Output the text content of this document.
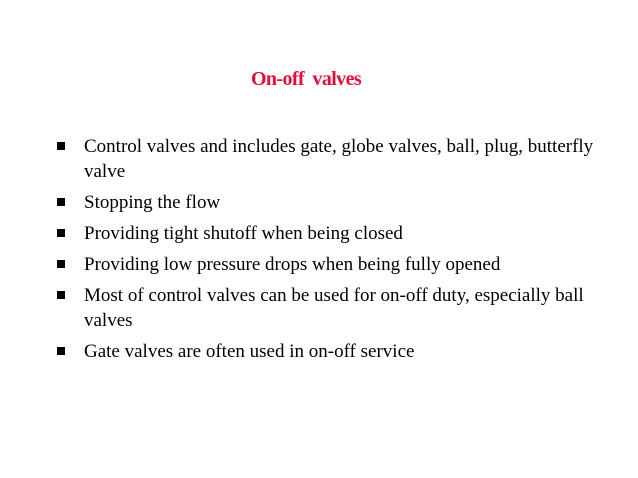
On-off valves
Control valves and includes gate, globe valves, ball, plug, butterfly valve
Stopping the flow
Providing tight shutoff when being closed
Providing low pressure drops when being fully opened
Most of control valves can be used for on-off duty, especially ball valves
Gate valves are often used in on-off service
